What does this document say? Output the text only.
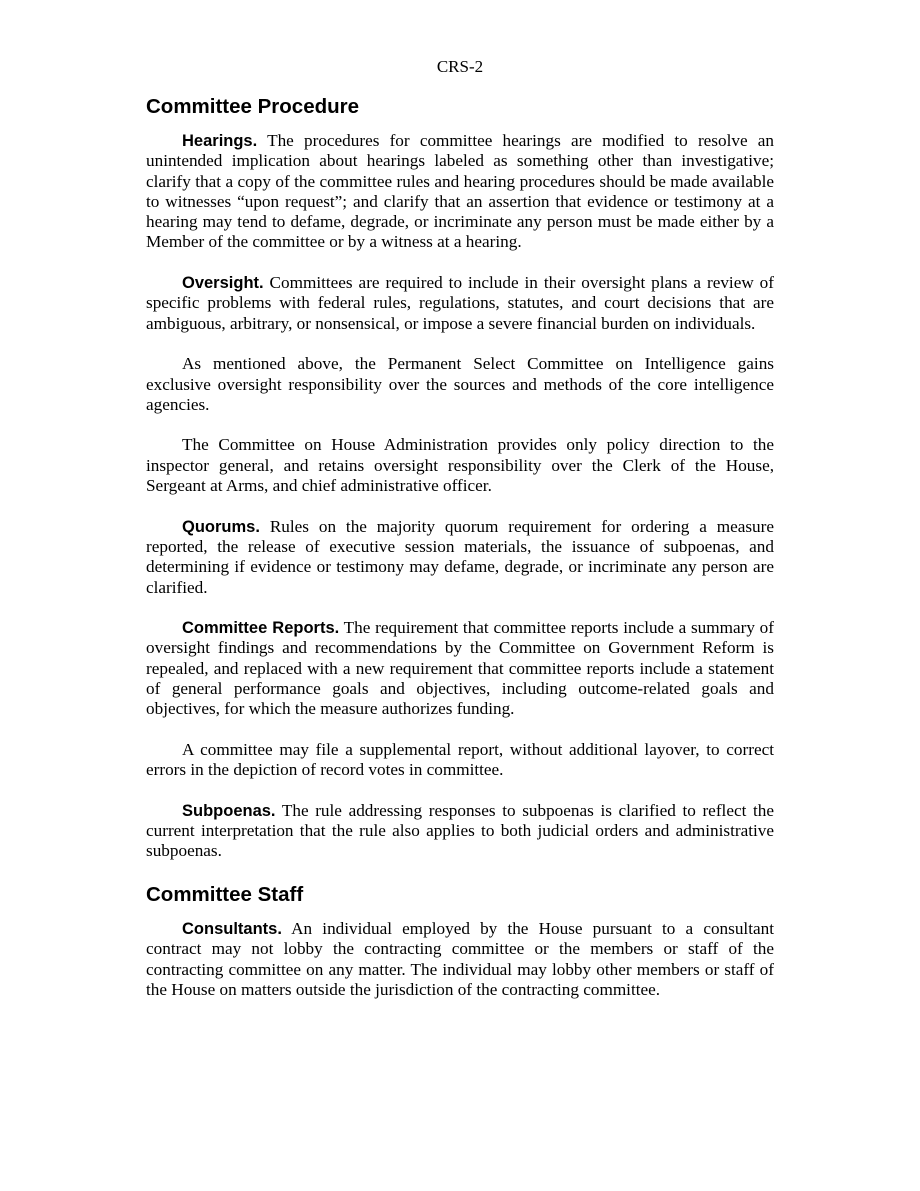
CRS-2
Committee Procedure

Hearings. The procedures for committee hearings are modified to resolve an unintended implication about hearings labeled as something other than investigative; clarify that a copy of the committee rules and hearing procedures should be made available to witnesses “upon request”; and clarify that an assertion that evidence or testimony at a hearing may tend to defame, degrade, or incriminate any person must be made either by a Member of the committee or by a witness at a hearing.

Oversight. Committees are required to include in their oversight plans a review of specific problems with federal rules, regulations, statutes, and court decisions that are ambiguous, arbitrary, or nonsensical, or impose a severe financial burden on individuals.

As mentioned above, the Permanent Select Committee on Intelligence gains exclusive oversight responsibility over the sources and methods of the core intelligence agencies.

The Committee on House Administration provides only policy direction to the inspector general, and retains oversight responsibility over the Clerk of the House, Sergeant at Arms, and chief administrative officer.

Quorums. Rules on the majority quorum requirement for ordering a measure reported, the release of executive session materials, the issuance of subpoenas, and determining if evidence or testimony may defame, degrade, or incriminate any person are clarified.

Committee Reports. The requirement that committee reports include a summary of oversight findings and recommendations by the Committee on Government Reform is repealed, and replaced with a new requirement that committee reports include a statement of general performance goals and objectives, including outcome-related goals and objectives, for which the measure authorizes funding.

A committee may file a supplemental report, without additional layover, to correct errors in the depiction of record votes in committee.

Subpoenas. The rule addressing responses to subpoenas is clarified to reflect the current interpretation that the rule also applies to both judicial orders and administrative subpoenas.

Committee Staff

Consultants. An individual employed by the House pursuant to a consultant contract may not lobby the contracting committee or the members or staff of the contracting committee on any matter. The individual may lobby other members or staff of the House on matters outside the jurisdiction of the contracting committee.
